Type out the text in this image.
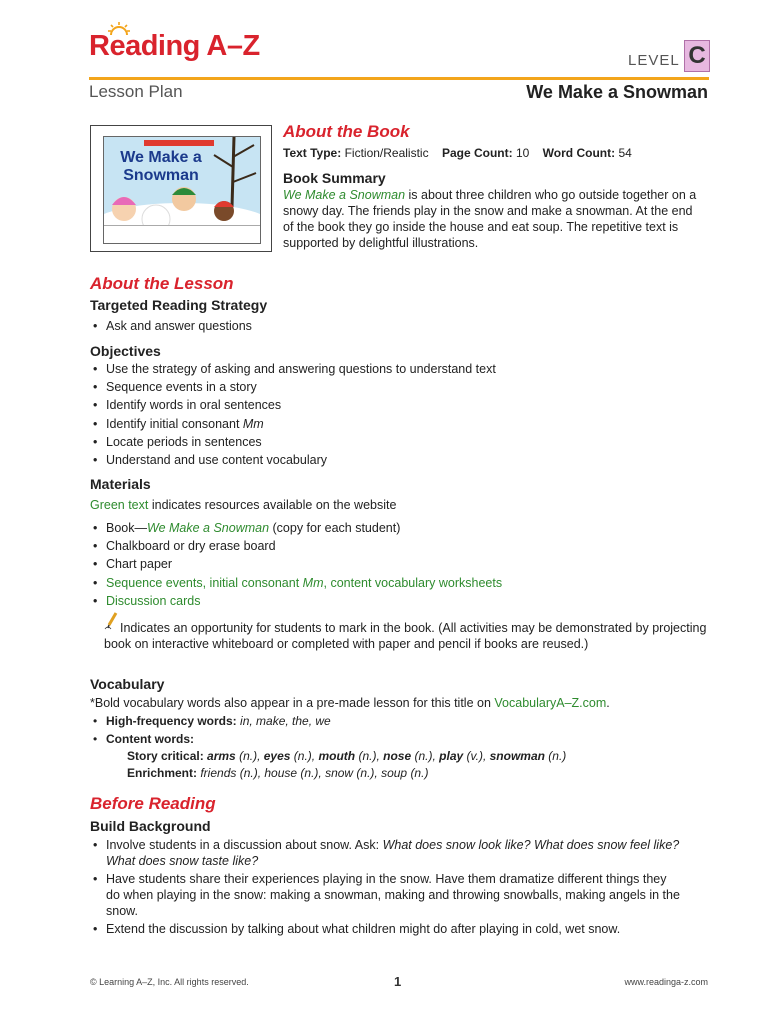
Reading A–Z	LEVEL C
Lesson Plan	We Make a Snowman
We Make a
Snowman
About the Book
Text Type: Fiction/Realistic Page Count: 10 Word Count: 54
Book Summary
We Make a Snowman is about three children who go outside together on a snowy day. The friends play in the snow and make a snowman. At the end of the book they go inside the house and eat soup. The repetitive text is supported by delightful illustrations.
About the Lesson
Targeted Reading Strategy
• Ask and answer questions
Objectives
• Use the strategy of asking and answering questions to understand text
• Sequence events in a story
• Identify words in oral sentences
• Identify initial consonant Mm
• Locate periods in sentences
• Understand and use content vocabulary
Materials
Green text indicates resources available on the website
• Book—We Make a Snowman (copy for each student)
• Chalkboard or dry erase board
• Chart paper
• Sequence events, initial consonant Mm, content vocabulary worksheets
• Discussion cards
Indicates an opportunity for students to mark in the book. (All activities may be demonstrated by projecting book on interactive whiteboard or completed with paper and pencil if books are reused.)
Vocabulary
*Bold vocabulary words also appear in a pre-made lesson for this title on VocabularyA–Z.com.
• High-frequency words: in, make, the, we
• Content words:
Story critical: arms (n.), eyes (n.), mouth (n.), nose (n.), play (v.), snowman (n.)
Enrichment: friends (n.), house (n.), snow (n.), soup (n.)
Before Reading
Build Background
• Involve students in a discussion about snow. Ask: What does snow look like? What does snow feel like? What does snow taste like?
• Have students share their experiences playing in the snow. Have them dramatize different things they do when playing in the snow: making a snowman, making and throwing snowballs, making angels in the snow.
• Extend the discussion by talking about what children might do after playing in cold, wet snow.
© Learning A–Z, Inc. All rights reserved.	1	www.readinga-z.com
